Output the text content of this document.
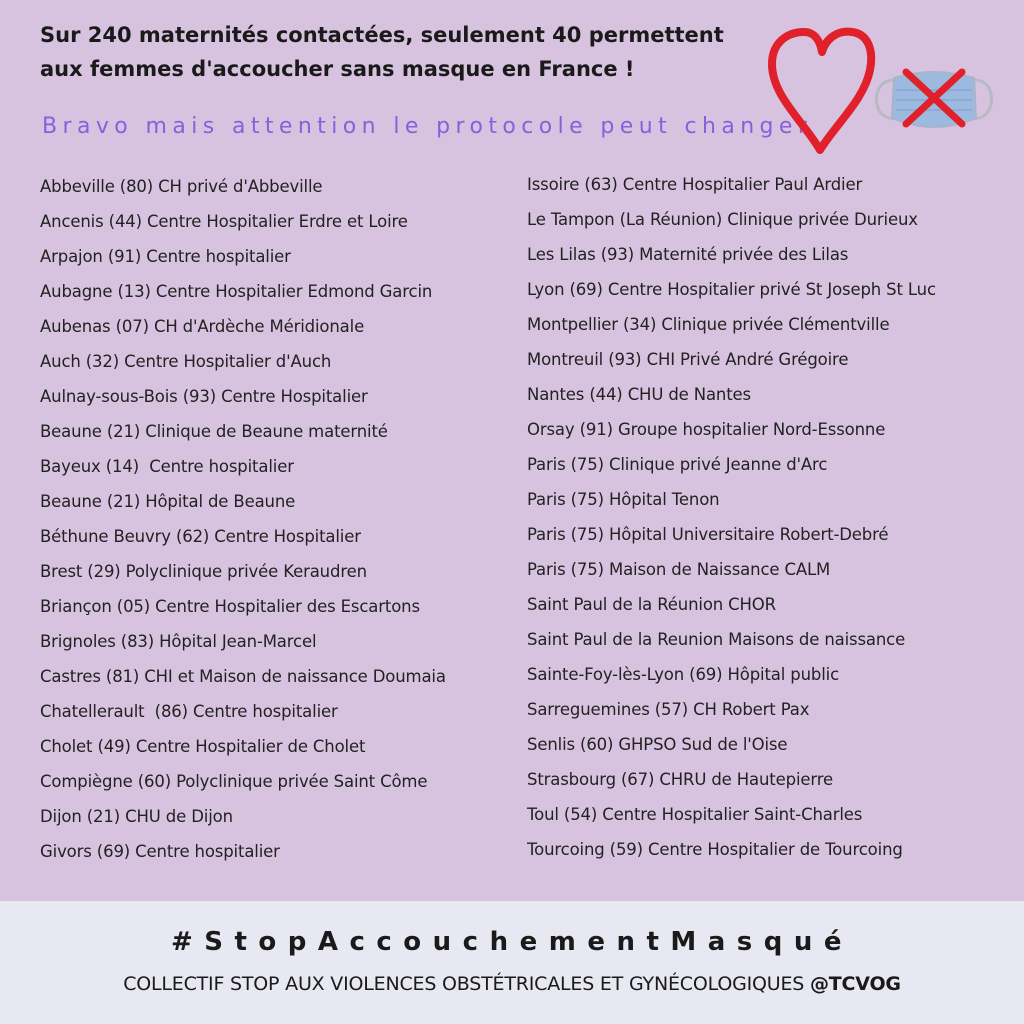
Sur 240 maternités contactées, seulement 40 permettent aux femmes d'accoucher sans masque en France !
Bravo mais attention le protocole peut changer
Abbeville (80) CH privé d'Abbeville
Ancenis (44) Centre Hospitalier Erdre et Loire
Arpajon (91) Centre hospitalier
Aubagne (13) Centre Hospitalier Edmond Garcin
Aubenas (07) CH d'Ardèche Méridionale
Auch (32) Centre Hospitalier d'Auch
Aulnay-sous-Bois (93) Centre Hospitalier
Beaune (21) Clinique de Beaune maternité
Bayeux (14)  Centre hospitalier
Beaune (21) Hôpital de Beaune
Béthune Beuvry (62) Centre Hospitalier
Brest (29) Polyclinique privée Keraudren
Briançon (05) Centre Hospitalier des Escartons
Brignoles (83) Hôpital Jean-Marcel
Castres (81) CHI et Maison de naissance Doumaia
Chatellerault  (86) Centre hospitalier
Cholet (49) Centre Hospitalier de Cholet
Compiègne (60) Polyclinique privée Saint Côme
Dijon (21) CHU de Dijon
Givors (69) Centre hospitalier
Issoire (63) Centre Hospitalier Paul Ardier
Le Tampon (La Réunion) Clinique privée Durieux
Les Lilas (93) Maternité privée des Lilas
Lyon (69) Centre Hospitalier privé St Joseph St Luc
Montpellier (34) Clinique privée Clémentville
Montreuil (93) CHI Privé André Grégoire
Nantes (44) CHU de Nantes
Orsay (91) Groupe hospitalier Nord-Essonne
Paris (75) Clinique privé Jeanne d'Arc
Paris (75) Hôpital Tenon
Paris (75) Hôpital Universitaire Robert-Debré
Paris (75) Maison de Naissance CALM
Saint Paul de la Réunion CHOR
Saint Paul de la Reunion Maisons de naissance
Sainte-Foy-lès-Lyon (69) Hôpital public
Sarreguemines (57) CH Robert Pax
Senlis (60) GHPSO Sud de l'Oise
Strasbourg (67) CHRU de Hautepierre
Toul (54) Centre Hospitalier Saint-Charles
Tourcoing (59) Centre Hospitalier de Tourcoing
#StopAccouchementMasqué
COLLECTIF STOP AUX VIOLENCES OBSTÉTRICALES ET GYNÉCOLOGIQUES @TCVOG
